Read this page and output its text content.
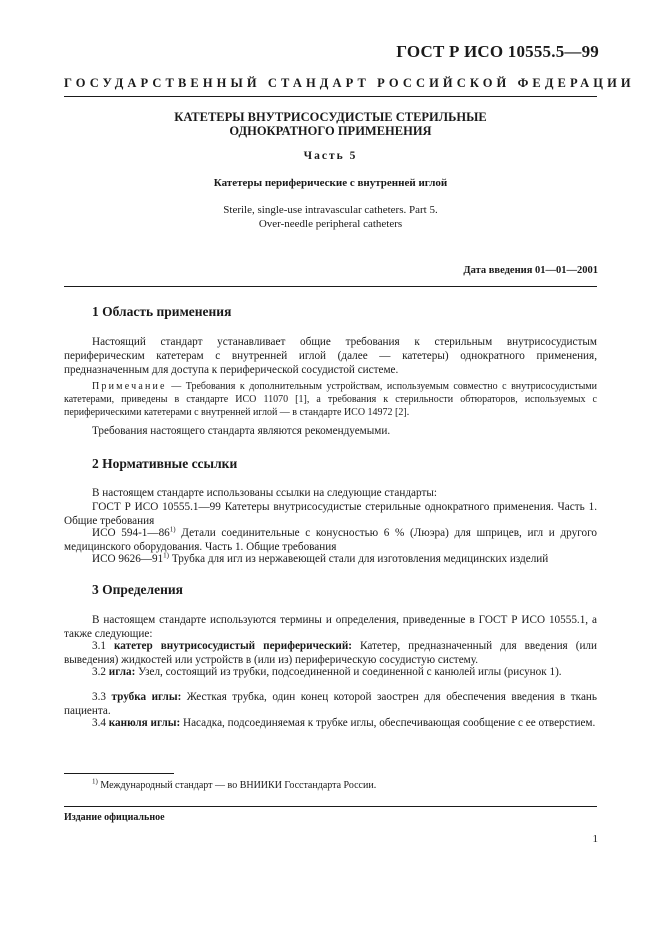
ГОСТ Р ИСО 10555.5—99
ГОСУДАРСТВЕННЫЙ СТАНДАРТ РОССИЙСКОЙ ФЕДЕРАЦИИ
КАТЕТЕРЫ ВНУТРИСОСУДИСТЫЕ СТЕРИЛЬНЫЕ
ОДНОКРАТНОГО ПРИМЕНЕНИЯ
Часть 5
Катетеры периферические с внутренней иглой
Sterile, single-use intravascular catheters. Part 5.
Over-needle peripheral catheters
Дата введения 01—01—2001
1 Область применения
Настоящий стандарт устанавливает общие требования к стерильным внутрисосудистым периферическим катетерам с внутренней иглой (далее — катетеры) однократного применения, предназначенным для доступа к периферической сосудистой системе.
Примечание — Требования к дополнительным устройствам, используемым совместно с внутрисосудистыми катетерами, приведены в стандарте ИСО 11070 [1], а требования к стерильности обтюраторов, используемых с периферическими катетерами с внутренней иглой — в стандарте ИСО 14972 [2].
Требования настоящего стандарта являются рекомендуемыми.
2 Нормативные ссылки
В настоящем стандарте использованы ссылки на следующие стандарты:
ГОСТ Р ИСО 10555.1—99 Катетеры внутрисосудистые стерильные однократного применения. Часть 1. Общие требования
ИСО 594-1—86$^{1)}$ Детали соединительные с конусностью 6 % (Люэра) для шприцев, игл и другого медицинского оборудования. Часть 1. Общие требования
ИСО 9626—91$^{1)}$ Трубка для игл из нержавеющей стали для изготовления медицинских изделий
3 Определения
В настоящем стандарте используются термины и определения, приведенные в ГОСТ Р ИСО 10555.1, а также следующие:
3.1 катетер внутрисосудистый периферический: Катетер, предназначенный для введения (или выведения) жидкостей или устройств в (или из) периферическую сосудистую систему.
3.2 игла: Узел, состоящий из трубки, подсоединенной и соединенной с канюлей иглы (рисунок 1).
3.3 трубка иглы: Жесткая трубка, один конец которой заострен для обеспечения введения в ткань пациента.
3.4 канюля иглы: Насадка, подсоединяемая к трубке иглы, обеспечивающая сообщение с ее отверстием.
$^{1)}$ Международный стандарт — во ВНИИКИ Госстандарта России.
Издание официальное
1
